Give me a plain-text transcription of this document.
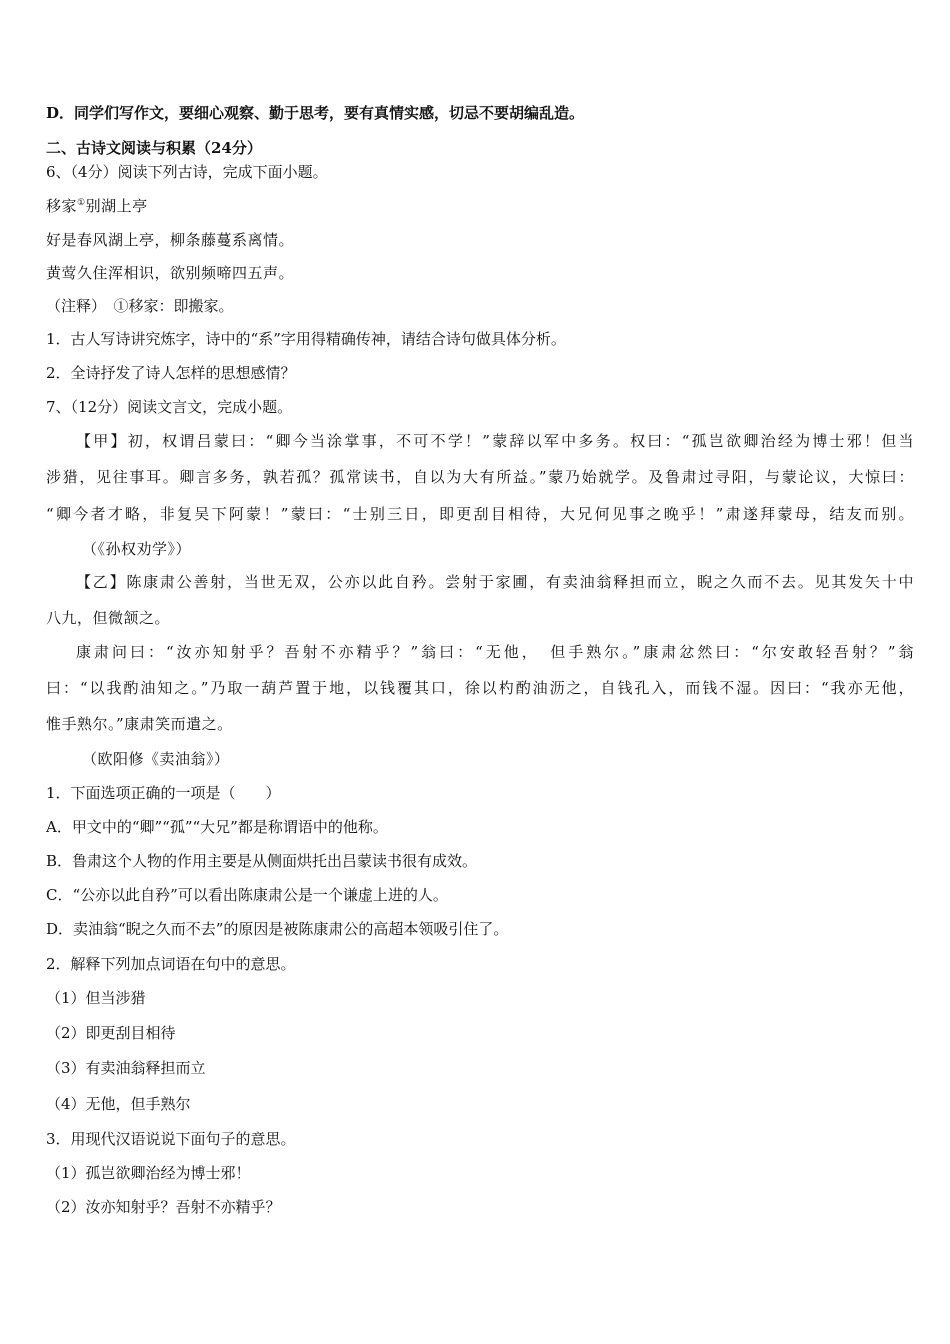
D．同学们写作文，要细心观察、勤于思考，要有真情实感，切忌不要胡编乱造。
二、古诗文阅读与积累（24分）
6、（4分）阅读下列古诗，完成下面小题。
移家①别湖上亭
好是春风湖上亭，柳条藤蔓系离情。
黄莺久住浑相识，欲别频啼四五声。
（注释）　①移家：即搬家。
1．古人写诗讲究炼字，诗中的“系”字用得精确传神，请结合诗句做具体分析。
2．全诗抒发了诗人怎样的思想感情？
7、（12分）阅读文言文，完成小题。
【甲】初，权谓吕蒙曰：“卿今当涂掌事，不可不学！”蒙辞以军中多务。权曰：“孤岂欲卿治经为博士邪！但当
涉猎，见往事耳。卿言多务，孰若孤？孤常读书，自以为大有所益。”蒙乃始就学。及鲁肃过寻阳，与蒙论议，大惊曰：
“卿今者才略，非复吴下阿蒙！”蒙曰：“士别三日，即更刮目相待，大兄何见事之晚乎！”肃遂拜蒙母，结友而别。
（《孙权劝学》）
【乙】陈康肃公善射，当世无双，公亦以此自矜。尝射于家圃，有卖油翁释担而立，睨之久而不去。见其发矢十中
八九，但微颔之。
康肃问曰：“汝亦知射乎？吾射不亦精乎？”翁曰：“无他，　但手熟尔。”康肃忿然曰：“尔安敢轻吾射？”翁
曰：“以我酌油知之。”乃取一葫芦置于地，以钱覆其口，徐以杓酌油沥之，自钱孔入，而钱不湿。因曰：“我亦无他，
惟手熟尔。”康肃笑而遣之。
（欧阳修《卖油翁》）
1．下面选项正确的一项是（　　）
A．甲文中的“卿”“孤”“大兄”都是称谓语中的他称。
B．鲁肃这个人物的作用主要是从侧面烘托出吕蒙读书很有成效。
C．“公亦以此自矜”可以看出陈康肃公是一个谦虚上进的人。
D．卖油翁“睨之久而不去”的原因是被陈康肃公的高超本领吸引住了。
2．解释下列加点词语在句中的意思。
（1）但当涉猎
（2）即更刮目相待
（3）有卖油翁释担而立
（4）无他，但手熟尔
3．用现代汉语说说下面句子的意思。
（1）孤岂欲卿治经为博士邪！
（2）汝亦知射乎？吾射不亦精乎？
